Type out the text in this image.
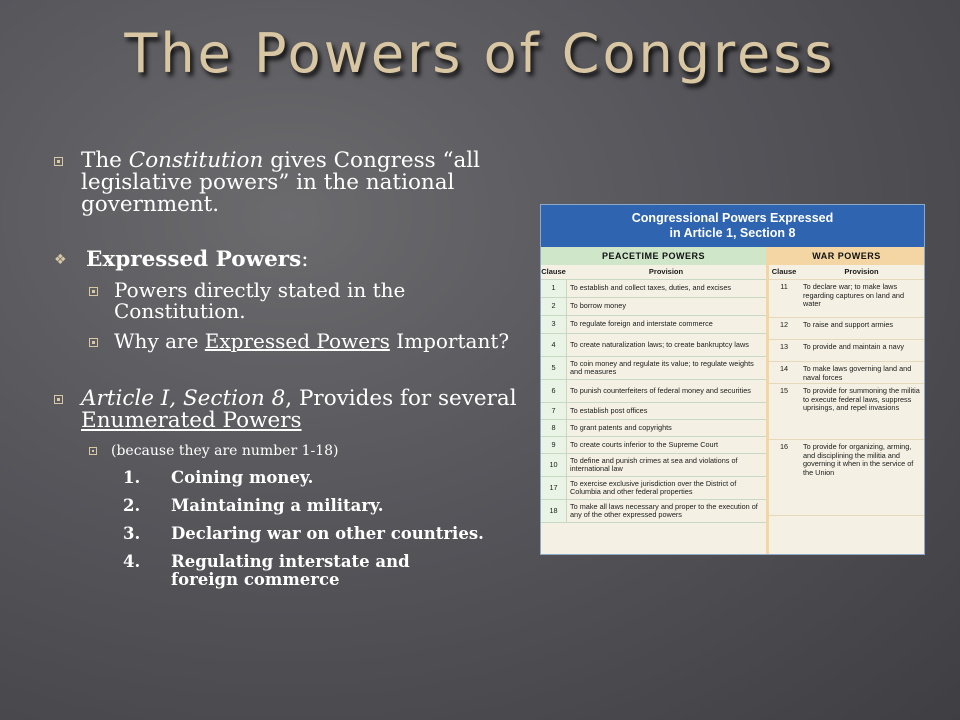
The Powers of Congress
The Constitution gives Congress “all legislative powers” in the national government.
❖ Expressed Powers:
Powers directly stated in the Constitution.
Why are Expressed Powers Important?
Article I, Section 8, Provides for several Enumerated Powers
(because they are number 1-18)
1.	Coining money.
2.	Maintaining a military.
3.	Declaring war on other countries.
4.	Regulating interstate and foreign commerce
Congressional Powers Expressed
in Article 1, Section 8
PEACETIME POWERS
Clause	Provision
1	To establish and collect taxes, duties, and excises
2	To borrow money
3	To regulate foreign and interstate commerce
4	To create naturalization laws; to create bankruptcy laws
5	To coin money and regulate its value; to regulate weights and measures
6	To punish counterfeiters of federal money and securities
7	To establish post offices
8	To grant patents and copyrights
9	To create courts inferior to the Supreme Court
10	To define and punish crimes at sea and violations of international law
17	To exercise exclusive jurisdiction over the District of Columbia and other federal properties
18	To make all laws necessary and proper to the execution of any of the other expressed powers
WAR POWERS
Clause	Provision
11	To declare war; to make laws regarding captures on land and water
12	To raise and support armies
13	To provide and maintain a navy
14	To make laws governing land and naval forces
15	To provide for summoning the militia to execute federal laws, suppress uprisings, and repel invasions
16	To provide for organizing, arming, and disciplining the militia and governing it when in the service of the Union
